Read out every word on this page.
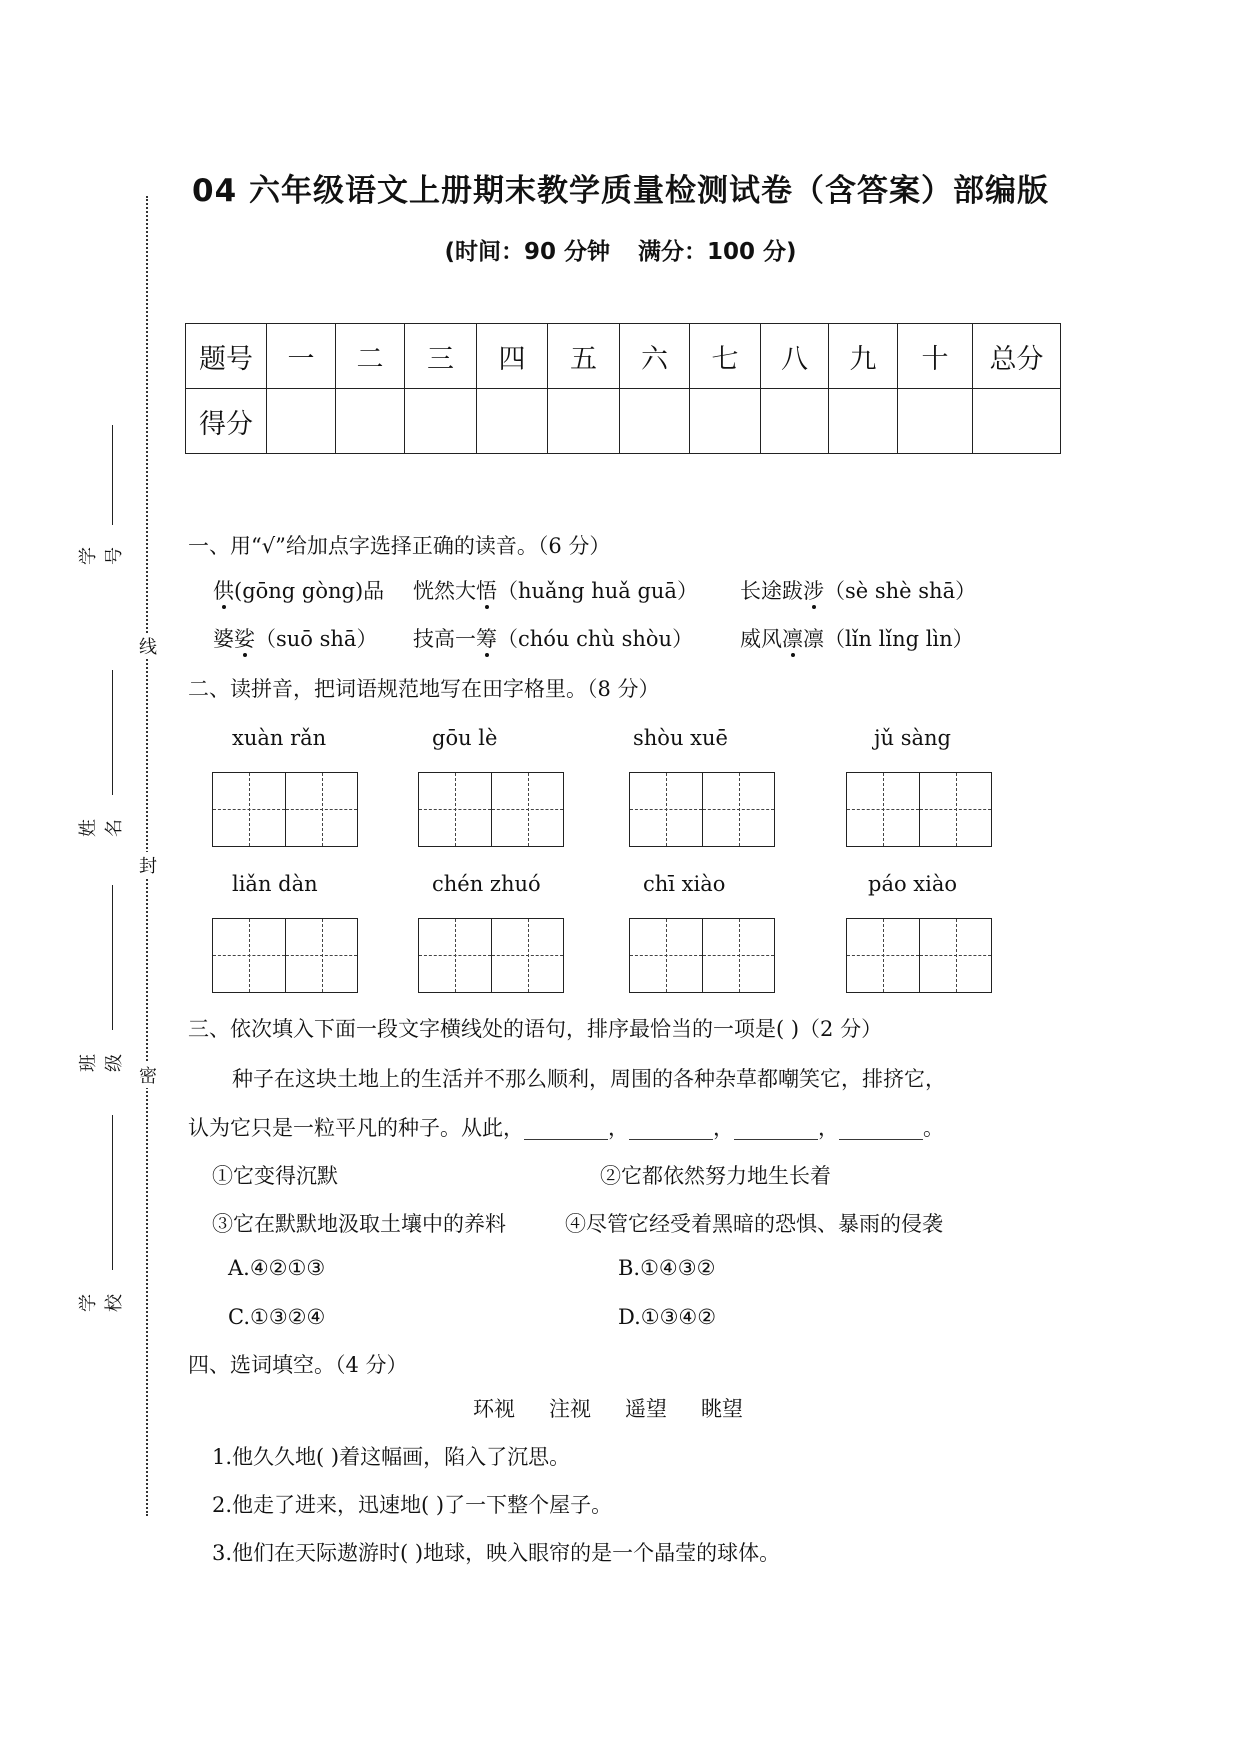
04 六年级语文上册期末教学质量检测试卷（含答案）部编版
(时间：90 分钟 满分：100 分)
线
封
密
学号
姓名
班级
学校
题号	一	二	三	四	五	六	七	八	九	十	总分
得分											
一、用“√”给加点字选择正确的读音。（6 分）
供(gōng gòng)品 恍然大悟（huǎng huǎ guā） 长途跋涉（sè shè shā）
婆娑（suō shā） 技高一筹（chóu chù shòu） 威风凛凛（lǐn lǐng lìn）
二、读拼音，把词语规范地写在田字格里。（8 分）
xuàn rǎn	gōu lè	shòu xuē	jǔ sàng
liǎn dàn	chén zhuó	chī xiào	páo xiào
三、依次填入下面一段文字横线处的语句，排序最恰当的一项是( )（2 分）
种子在这块土地上的生活并不那么顺利，周围的各种杂草都嘲笑它，排挤它，
认为它只是一粒平凡的种子。从此，________，________，________，________。
①它变得沉默	②它都依然努力地生长着
③它在默默地汲取土壤中的养料	④尽管它经受着黑暗的恐惧、暴雨的侵袭
A.④②①③	B.①④③②
C.①③②④	D.①③④②
四、选词填空。（4 分）
环视 注视 遥望 眺望
1.他久久地( )着这幅画，陷入了沉思。
2.他走了进来，迅速地( )了一下整个屋子。
3.他们在天际遨游时( )地球，映入眼帘的是一个晶莹的球体。
